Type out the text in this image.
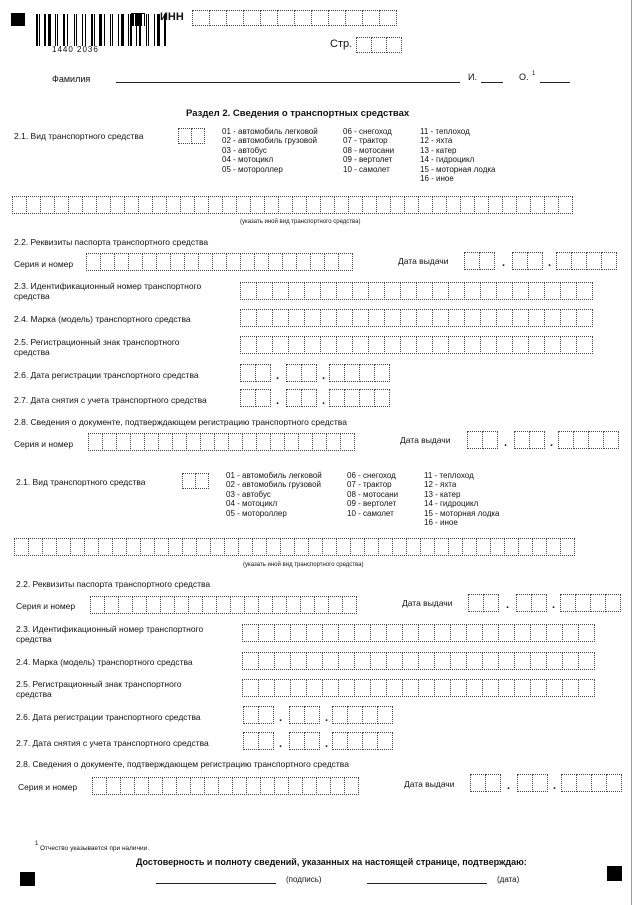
1440 2036
ИНН
Стр.
Фамилия	И.	О. 1
Раздел 2. Сведения о транспортных средствах
2.1. Вид транспортного средства	01 - автомобиль легковой
02 - автомобиль грузовой
03 - автобус
04 - мотоцикл
05 - мотороллер
06 - снегоход
07 - трактор
08 - мотосани
09 - вертолет
10 - самолет
11 - теплоход
12 - яхта
13 - катер
14 - гидроцикл
15 - моторная лодка
16 - иное
(указать иной вид транспортного средства)
2.2. Реквизиты паспорта транспортного средства
Серия и номер	Дата выдачи	.	.
2.3. Идентификационный номер транспортного
средства
2.4. Марка (модель) транспортного средства
2.5. Регистрационный знак транспортного
средства
2.6. Дата регистрации транспортного средства	.	.
2.7. Дата снятия с учета транспортного средства	.	.
2.8. Сведения о документе, подтверждающем регистрацию транспортного средства
Серия и номер	Дата выдачи	.	.
2.1. Вид транспортного средства
01 - автомобиль легковой
02 - автомобиль грузовой
03 - автобус
04 - мотоцикл
05 - мотороллер
06 - снегоход
07 - трактор
08 - мотосани
09 - вертолет
10 - самолет
11 - теплоход
12 - яхта
13 - катер
14 - гидроцикл
15 - моторная лодка
16 - иное
(указать иной вид транспортного средства)
2.2. Реквизиты паспорта транспортного средства
Серия и номер	Дата выдачи	.	.
2.3. Идентификационный номер транспортного
средства
2.4. Марка (модель) транспортного средства
2.5. Регистрационный знак транспортного
средства
2.6. Дата регистрации транспортного средства	.	.
2.7. Дата снятия с учета транспортного средства	.	.
2.8. Сведения о документе, подтверждающем регистрацию транспортного средства
Серия и номер	Дата выдачи	.	.
1
Отчество указывается при наличии.
Достоверность и полноту сведений, указанных на настоящей странице, подтверждаю:
(подпись)	(дата)
